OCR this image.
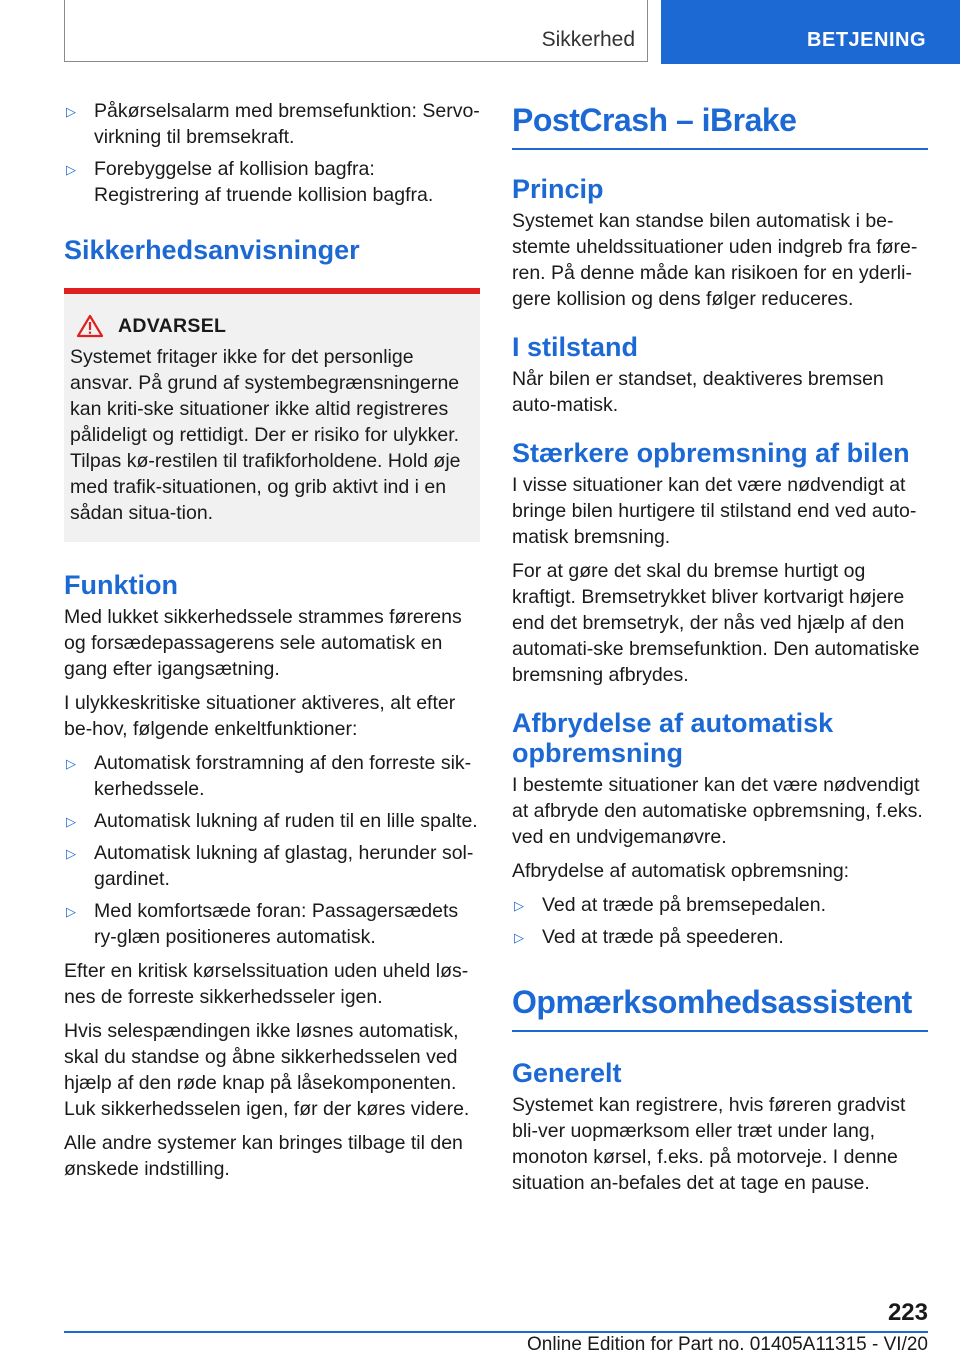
Sikkerhed	BETJENING
▷ Påkørselsalarm med bremsefunktion: Servo-virkning til bremsekraft.
▷ Forebyggelse af kollision bagfra: Registrering af truende kollision bagfra.
Sikkerhedsanvisninger
ADVARSEL

Systemet fritager ikke for det personlige ansvar. På grund af systembegrænsningerne kan kriti-ske situationer ikke altid registreres pålideligt og rettidigt. Der er risiko for ulykker. Tilpas kø-restilen til trafikforholdene. Hold øje med trafik-situationen, og grib aktivt ind i en sådan situa-tion.

Funktion

Med lukket sikkerhedssele strammes førerens og forsædepassagerens sele automatisk en gang efter igangsætning.

I ulykkeskritiske situationer aktiveres, alt efter be-hov, følgende enkeltfunktioner:

▷ Automatisk forstramning af den forreste sik-kerhedssele.
▷ Automatisk lukning af ruden til en lille spalte.
▷ Automatisk lukning af glastag, herunder sol-gardinet.
▷ Med komfortsæde foran: Passagersædets ry-glæn positioneres automatisk.

Efter en kritisk kørselssituation uden uheld løs-nes de forreste sikkerhedsseler igen.

Hvis selespændingen ikke løsnes automatisk, skal du standse og åbne sikkerhedsselen ved hjælp af den røde knap på låsekomponenten. Luk sikkerhedsselen igen, før der køres videre.

Alle andre systemer kan bringes tilbage til den ønskede indstilling.

PostCrash – iBrake
Princip

Systemet kan standse bilen automatisk i be-stemte uheldssituationer uden indgreb fra føre-ren. På denne måde kan risikoen for en yderli-gere kollision og dens følger reduceres.

I stilstand

Når bilen er standset, deaktiveres bremsen auto-matisk.

Stærkere opbremsning af bilen

I visse situationer kan det være nødvendigt at bringe bilen hurtigere til stilstand end ved auto-matisk bremsning.

For at gøre det skal du bremse hurtigt og kraftigt. Bremsetrykket bliver kortvarigt højere end det bremsetryk, der nås ved hjælp af den automati-ske bremsefunktion. Den automatiske bremsning afbrydes.

Afbrydelse af automatisk opbremsning

I bestemte situationer kan det være nødvendigt at afbryde den automatiske opbremsning, f.eks. ved en undvigemanøvre.

Afbrydelse af automatisk opbremsning:

▷ Ved at træde på bremsepedalen.
▷ Ved at træde på speederen.
Opmærksomhedsassistent
Generelt

Systemet kan registrere, hvis føreren gradvist bli-ver uopmærksom eller træt under lang, monoton kørsel, f.eks. på motorveje. I denne situation an-befales det at tage en pause.

223
Online Edition for Part no. 01405A11315 - VI/20
